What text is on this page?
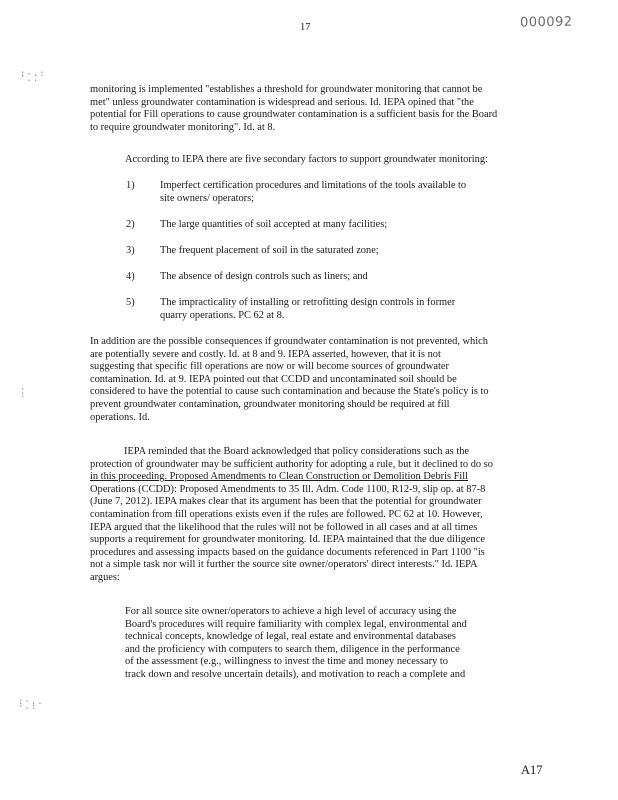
17	000092
:-.:
'..
·
:
:·..
·.:
monitoring is implemented "establishes a threshold for groundwater monitoring that cannot be
met" unless groundwater contamination is widespread and serious. Id. IEPA opined that "the
potential for Fill operations to cause groundwater contamination is a sufficient basis for the Board
to require groundwater monitoring". Id. at 8.
According to IEPA there are five secondary factors to support groundwater monitoring:
1)	Imperfect certification procedures and limitations of the tools available to
site owners/ operators;
2)	The large quantities of soil accepted at many facilities;
3)	The frequent placement of soil in the saturated zone;
4)	The absence of design controls such as liners; and
5)	The impracticality of installing or retrofitting design controls in former
quarry operations. PC 62 at 8.
In addition are the possible consequences if groundwater contamination is not prevented, which
are potentially severe and costly. Id. at 8 and 9. IEPA asserted, however, that it is not
suggesting that specific fill operations are now or will become sources of groundwater
contamination. Id. at 9. IEPA pointed out that CCDD and uncontaminated soil should be
considered to have the potential to cause such contamination and because the State's policy is to
prevent groundwater contamination, groundwater monitoring should be required at fill
operations. Id.
IEPA reminded that the Board acknowledged that policy considerations such as the
protection of groundwater may be sufficient authority for adopting a rule, but it declined to do so
in this proceeding. Proposed Amendments to Clean Construction or Demolition Debris Fill
Operations (CCDD): Proposed Amendments to 35 Ill. Adm. Code 1100, R12-9, slip op. at 87-8
(June 7, 2012). IEPA makes clear that its argument has been that the potential for groundwater
contamination from fill operations exists even if the rules are followed. PC 62 at 10. However,
IEPA argued that the likelihood that the rules will not be followed in all cases and at all times
supports a requirement for groundwater monitoring. Id. IEPA maintained that the due diligence
procedures and assessing impacts based on the guidance documents referenced in Part 1100 "is
not a simple task nor will it further the source site owner/operators' direct interests." Id. IEPA
argues:
For all source site owner/operators to achieve a high level of accuracy using the
Board's procedures will require familiarity with complex legal, environmental and
technical concepts, knowledge of legal, real estate and environmental databases
and the proficiency with computers to search them, diligence in the performance
of the assessment (e.g., willingness to invest the time and money necessary to
track down and resolve uncertain details), and motivation to reach a complete and
A17
